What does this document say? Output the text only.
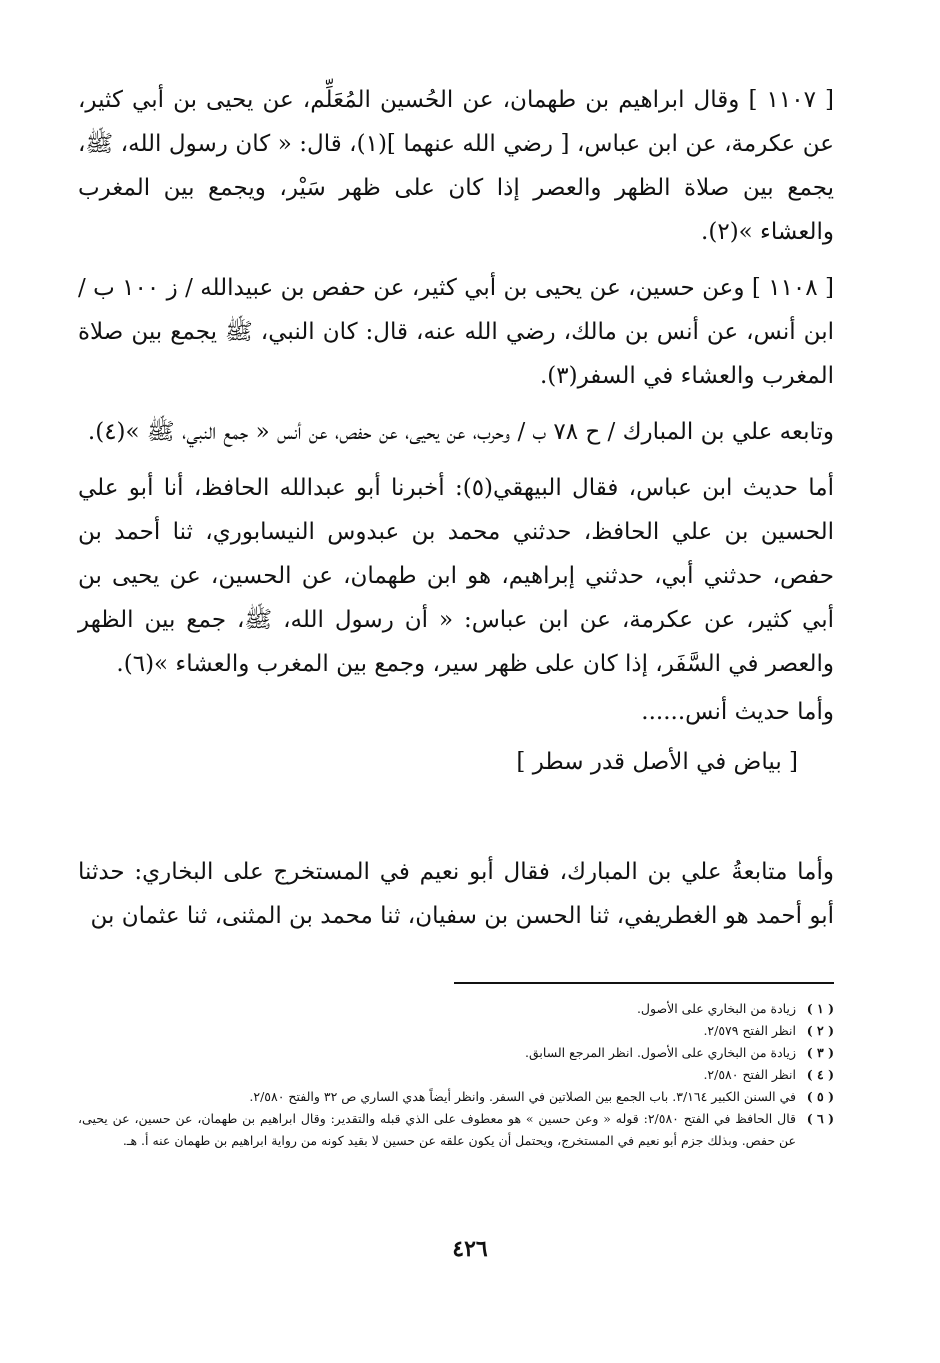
[ ١١٠٧ ] وقال ابراهيم بن طهمان، عن الحُسين المُعَلِّم، عن يحيى بن أبي كثير، عن عكرمة، عن ابن عباس، [ رضي الله عنهما ](١)، قال: « كان رسول الله، ﷺ، يجمع بين صلاة الظهر والعصر إذا كان على ظهر سَيْر، ويجمع بين المغرب والعشاء »(٢).

[ ١١٠٨ ] وعن حسين، عن يحيى بن أبي كثير، عن حفص بن عبيدالله / ز ١٠٠ ب / ابن أنس، عن أنس بن مالك، رضي الله عنه، قال: كان النبي، ﷺ يجمع بين صلاة المغرب والعشاء في السفر(٣).

وتابعه علي بن المبارك / ح ٧٨ ب / وحرب، عن يحيى، عن حفص، عن أنس « جمع النبي، ﷺ »(٤).

أما حديث ابن عباس، فقال البيهقي(٥): أخبرنا أبو عبدالله الحافظ، أنا أبو علي الحسين بن علي الحافظ، حدثني محمد بن عبدوس النيسابوري، ثنا أحمد بن حفص، حدثني أبي، حدثني إبراهيم، هو ابن طهمان، عن الحسين، عن يحيى بن أبي كثير، عن عكرمة، عن ابن عباس: « أن رسول الله، ﷺ، جمع بين الظهر والعصر في السَّفَر، إذا كان على ظهر سير، وجمع بين المغرب والعشاء »(٦).

وأما حديث أنس......

[ بياض في الأصل قدر سطر ]

وأما متابعةُ علي بن المبارك، فقال أبو نعيم في المستخرج على البخاري: حدثنا أبو أحمد هو الغطريفي، ثنا الحسن بن سفيان، ثنا محمد بن المثنى، ثنا عثمان بن

( ١ )
زيادة من البخاري على الأصول.
( ٢ )
انظر الفتح ٢/٥٧٩.
( ٣ )
زيادة من البخاري على الأصول. انظر المرجع السابق.
( ٤ )
انظر الفتح ٢/٥٨٠.
( ٥ )
في السنن الكبير ٣/١٦٤. باب الجمع بين الصلاتين في السفر. وانظر أيضاً هدي الساري ص ٣٢ والفتح ٢/٥٨٠.
( ٦ )
قال الحافظ في الفتح ٢/٥٨٠: قوله « وعن حسين » هو معطوف على الذي قبله والتقدير: وقال ابراهيم بن طهمان، عن حسين، عن يحيى، عن حفص. وبذلك جزم أبو نعيم في المستخرج، ويحتمل أن يكون علقه عن حسين لا بقيد كونه من رواية ابراهيم بن طهمان عنه أ. هـ.
٤٢٦
